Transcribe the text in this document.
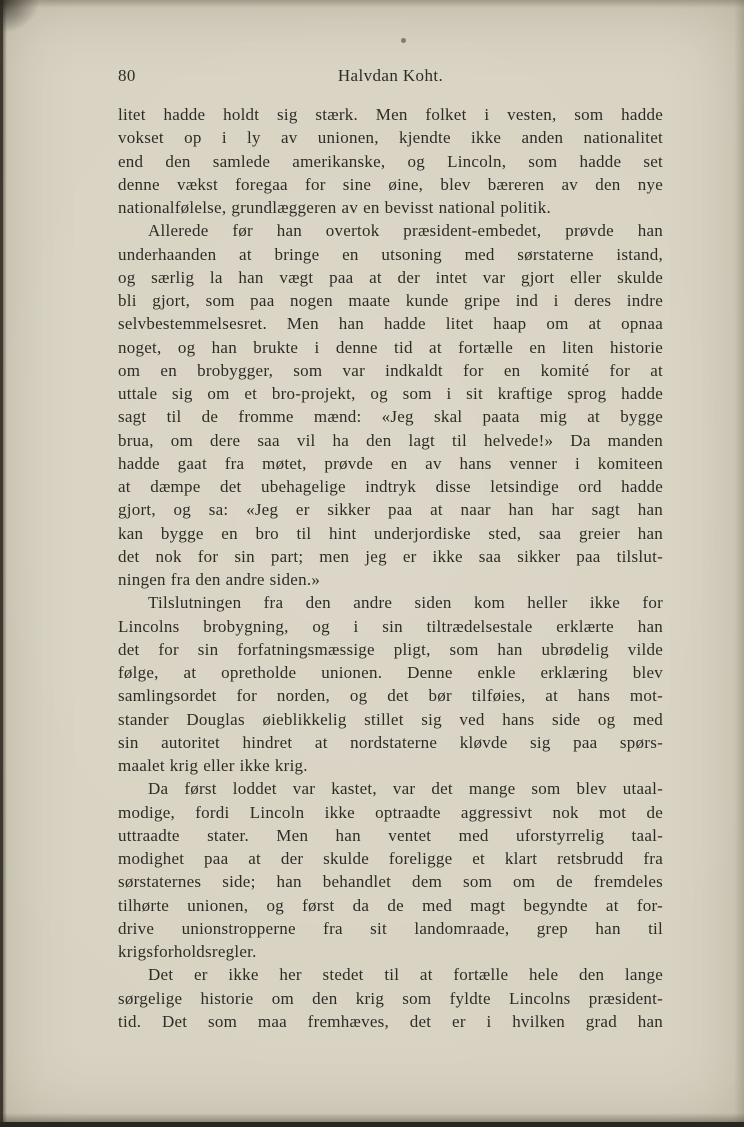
80	Halvdan Koht.
litet hadde holdt sig stærk. Men folket i vesten, som hadde
vokset op i ly av unionen, kjendte ikke anden nationalitet
end den samlede amerikanske, og Lincoln, som hadde set
denne vækst foregaa for sine øine, blev bæreren av den nye
nationalfølelse, grundlæggeren av en bevisst national politik.
Allerede før han overtok præsident-embedet, prøvde han
underhaanden at bringe en utsoning med sørstaterne istand,
og særlig la han vægt paa at der intet var gjort eller skulde
bli gjort, som paa nogen maate kunde gripe ind i deres indre
selvbestemmelsesret. Men han hadde litet haap om at opnaa
noget, og han brukte i denne tid at fortælle en liten historie
om en brobygger, som var indkaldt for en komité for at
uttale sig om et bro-projekt, og som i sit kraftige sprog hadde
sagt til de fromme mænd: «Jeg skal paata mig at bygge
brua, om dere saa vil ha den lagt til helvede!» Da manden
hadde gaat fra møtet, prøvde en av hans venner i komiteen
at dæmpe det ubehagelige indtryk disse letsindige ord hadde
gjort, og sa: «Jeg er sikker paa at naar han har sagt han
kan bygge en bro til hint underjordiske sted, saa greier han
det nok for sin part; men jeg er ikke saa sikker paa tilslut-
ningen fra den andre siden.»
Tilslutningen fra den andre siden kom heller ikke for
Lincolns brobygning, og i sin tiltrædelsestale erklærte han
det for sin forfatningsmæssige pligt, som han ubrødelig vilde
følge, at opretholde unionen. Denne enkle erklæring blev
samlingsordet for norden, og det bør tilføies, at hans mot-
stander Douglas øieblikkelig stillet sig ved hans side og med
sin autoritet hindret at nordstaterne kløvde sig paa spørs-
maalet krig eller ikke krig.
Da først loddet var kastet, var det mange som blev utaal-
modige, fordi Lincoln ikke optraadte aggressivt nok mot de
uttraadte stater. Men han ventet med uforstyrrelig taal-
modighet paa at der skulde foreligge et klart retsbrudd fra
sørstaternes side; han behandlet dem som om de fremdeles
tilhørte unionen, og først da de med magt begyndte at for-
drive unionstropperne fra sit landomraade, grep han til
krigsforholdsregler.
Det er ikke her stedet til at fortælle hele den lange
sørgelige historie om den krig som fyldte Lincolns præsident-
tid. Det som maa fremhæves, det er i hvilken grad han
